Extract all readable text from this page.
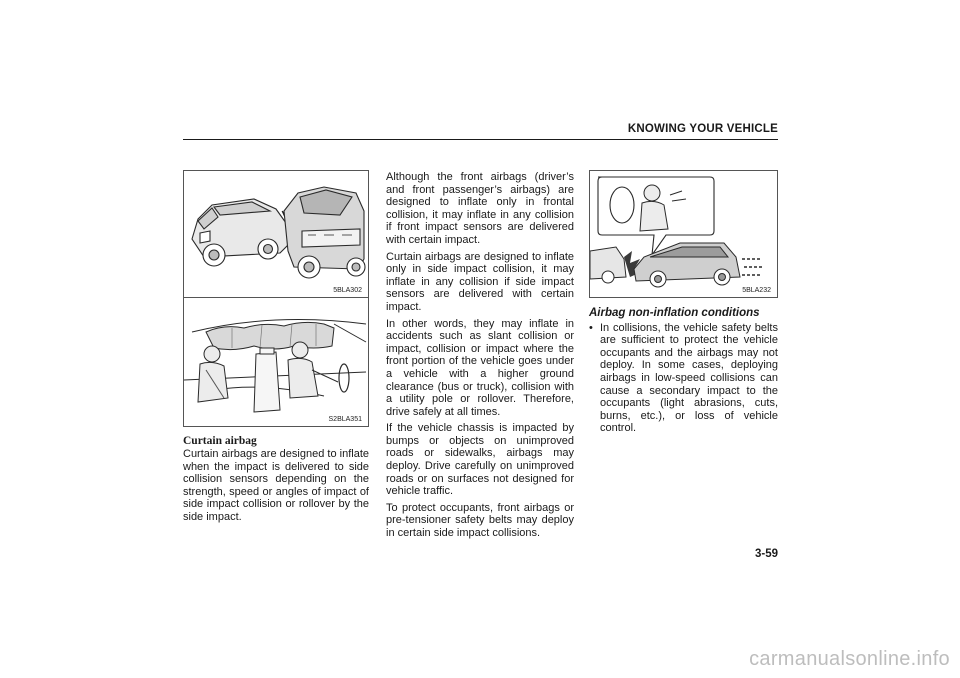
KNOWING YOUR VEHICLE
5BLA302
S2BLA351
5BLA232
Curtain airbag

Curtain airbags are designed to inflate when the impact is delivered to side collision sensors depending on the strength, speed or angles of impact of side impact collision or rollover by the side impact.

Although the front airbags (driver’s and front passenger’s airbags) are designed to inflate only in frontal collision, it may inflate in any collision if front impact sensors are delivered with certain impact.

Curtain airbags are designed to inflate only in side impact collision, it may inflate in any collision if side impact sensors are delivered with certain impact.

In other words, they may inflate in accidents such as slant collision or impact, collision or impact where the front portion of the vehicle goes under a vehicle with a higher ground clearance (bus or truck), collision with a utility pole or rollover. Therefore, drive safely at all times.

If the vehicle chassis is impacted by bumps or objects on unimproved roads or sidewalks, airbags may deploy. Drive carefully on unimproved roads or on surfaces not designed for vehicle traffic.

To protect occupants, front airbags or pre-tensioner safety belts may deploy in certain side impact collisions.

Airbag non-inflation conditions
• In collisions, the vehicle safety belts are sufficient to protect the vehicle occupants and the airbags may not deploy. In some cases, deploying airbags in low-speed collisions can cause a secondary impact to the occupants (light abrasions, cuts, burns, etc.), or loss of vehicle control.
3-59
carmanualsonline.info
